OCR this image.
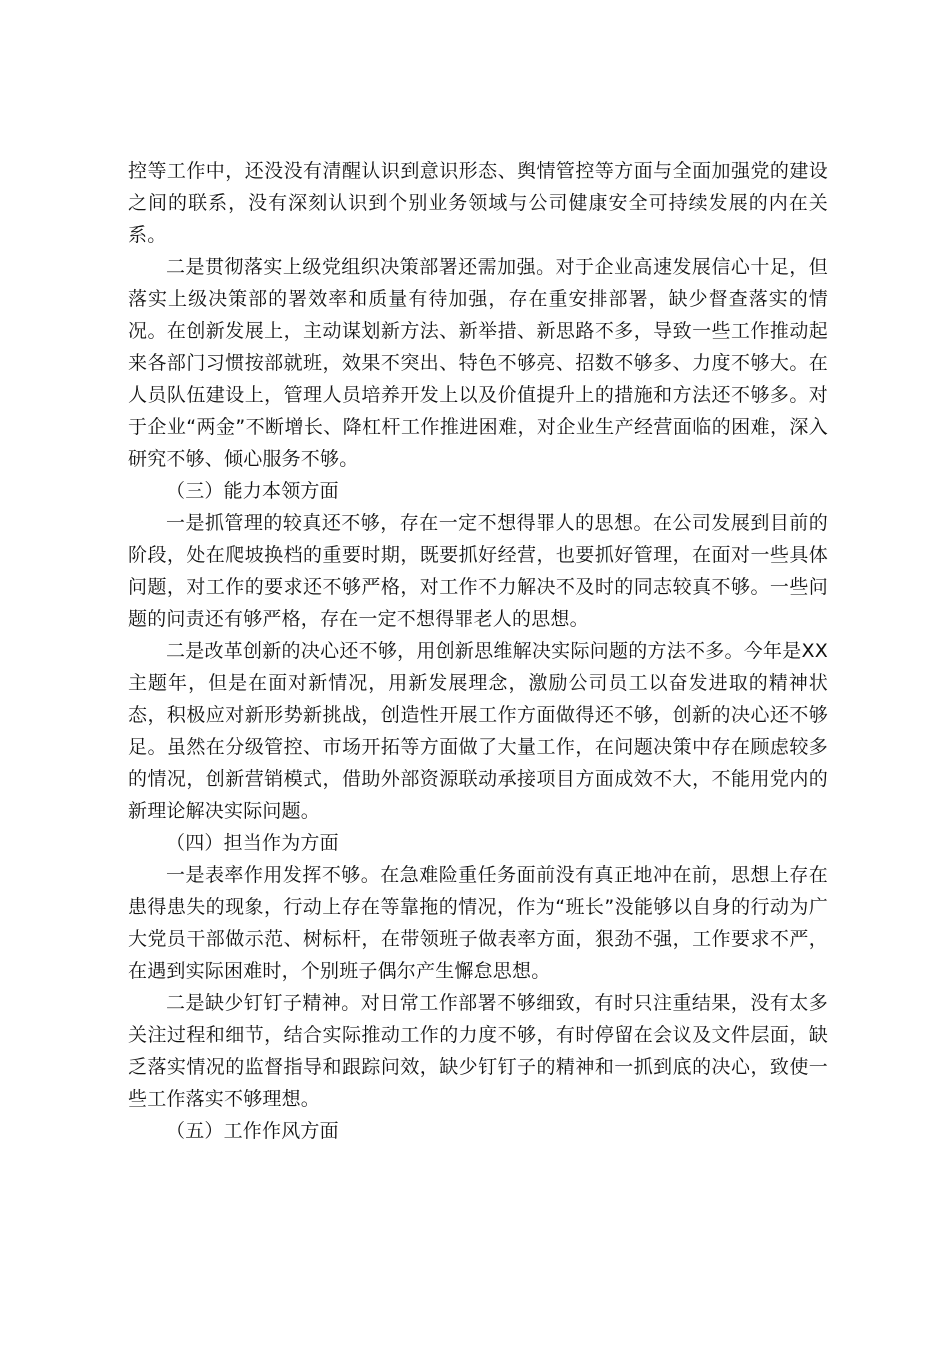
控等工作中，还没没有清醒认识到意识形态、舆情管控等方面与全面加强党的建设之间的联系，没有深刻认识到个别业务领域与公司健康安全可持续发展的内在关系。

二是贯彻落实上级党组织决策部署还需加强。对于企业高速发展信心十足，但落实上级决策部的署效率和质量有待加强，存在重安排部署，缺少督查落实的情况。在创新发展上，主动谋划新方法、新举措、新思路不多，导致一些工作推动起来各部门习惯按部就班，效果不突出、特色不够亮、招数不够多、力度不够大。在人员队伍建设上，管理人员培养开发上以及价值提升上的措施和方法还不够多。对于企业“两金”不断增长、降杠杆工作推进困难，对企业生产经营面临的困难，深入研究不够、倾心服务不够。

（三）能力本领方面

一是抓管理的较真还不够，存在一定不想得罪人的思想。在公司发展到目前的阶段，处在爬坡换档的重要时期，既要抓好经营，也要抓好管理，在面对一些具体问题，对工作的要求还不够严格，对工作不力解决不及时的同志较真不够。一些问题的问责还有够严格，存在一定不想得罪老人的思想。

二是改革创新的决心还不够，用创新思维解决实际问题的方法不多。今年是XX主题年，但是在面对新情况，用新发展理念，激励公司员工以奋发进取的精神状态，积极应对新形势新挑战，创造性开展工作方面做得还不够，创新的决心还不够足。虽然在分级管控、市场开拓等方面做了大量工作，在问题决策中存在顾虑较多的情况，创新营销模式，借助外部资源联动承接项目方面成效不大，不能用党内的新理论解决实际问题。

（四）担当作为方面

一是表率作用发挥不够。在急难险重任务面前没有真正地冲在前，思想上存在患得患失的现象，行动上存在等靠拖的情况，作为“班长”没能够以自身的行动为广大党员干部做示范、树标杆，在带领班子做表率方面，狠劲不强，工作要求不严，在遇到实际困难时，个别班子偶尔产生懈怠思想。

二是缺少钉钉子精神。对日常工作部署不够细致，有时只注重结果，没有太多关注过程和细节，结合实际推动工作的力度不够，有时停留在会议及文件层面，缺乏落实情况的监督指导和跟踪问效，缺少钉钉子的精神和一抓到底的决心，致使一些工作落实不够理想。

（五）工作作风方面
